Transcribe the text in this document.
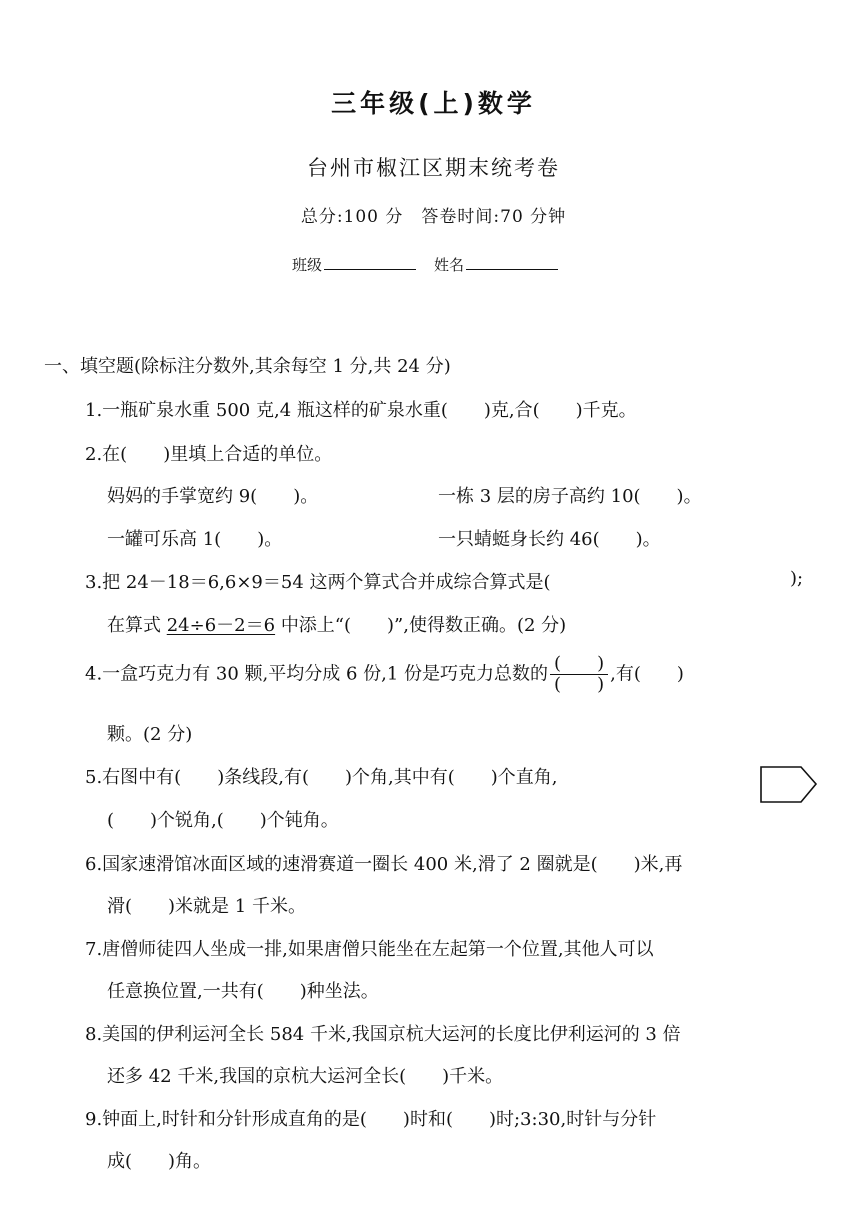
三年级(上)数学
台州市椒江区期末统考卷
总分:100 分　答卷时间:70 分钟
班级	姓名
一、填空题(除标注分数外,其余每空 1 分,共 24 分)
1.一瓶矿泉水重 500 克,4 瓶这样的矿泉水重(　　)克,合(　　)千克。
2.在(　　)里填上合适的单位。
妈妈的手掌宽约 9(　　)。	一栋 3 层的房子高约 10(　　)。
一罐可乐高 1(　　)。	一只蜻蜓身长约 46(　　)。
3.把 24－18＝6,6×9＝54 这两个算式合并成综合算式是(	);
在算式 24÷6－2＝6 中添上“(　　)”,使得数正确。(2 分)
4.一盒巧克力有 30 颗,平均分成 6 份,1 份是巧克力总数的 $\frac{( )}{( )}$ ,有(　　)
颗。(2 分)
5.右图中有(　　)条线段,有(　　)个角,其中有(　　)个直角,
(　　)个锐角,(　　)个钝角。
6.国家速滑馆冰面区域的速滑赛道一圈长 400 米,滑了 2 圈就是(　　)米,再
滑(　　)米就是 1 千米。
7.唐僧师徒四人坐成一排,如果唐僧只能坐在左起第一个位置,其他人可以
任意换位置,一共有(　　)种坐法。
8.美国的伊利运河全长 584 千米,我国京杭大运河的长度比伊利运河的 3 倍
还多 42 千米,我国的京杭大运河全长(　　)千米。
9.钟面上,时针和分针形成直角的是(　　)时和(　　)时;3:30,时针与分针
成(　　)角。
